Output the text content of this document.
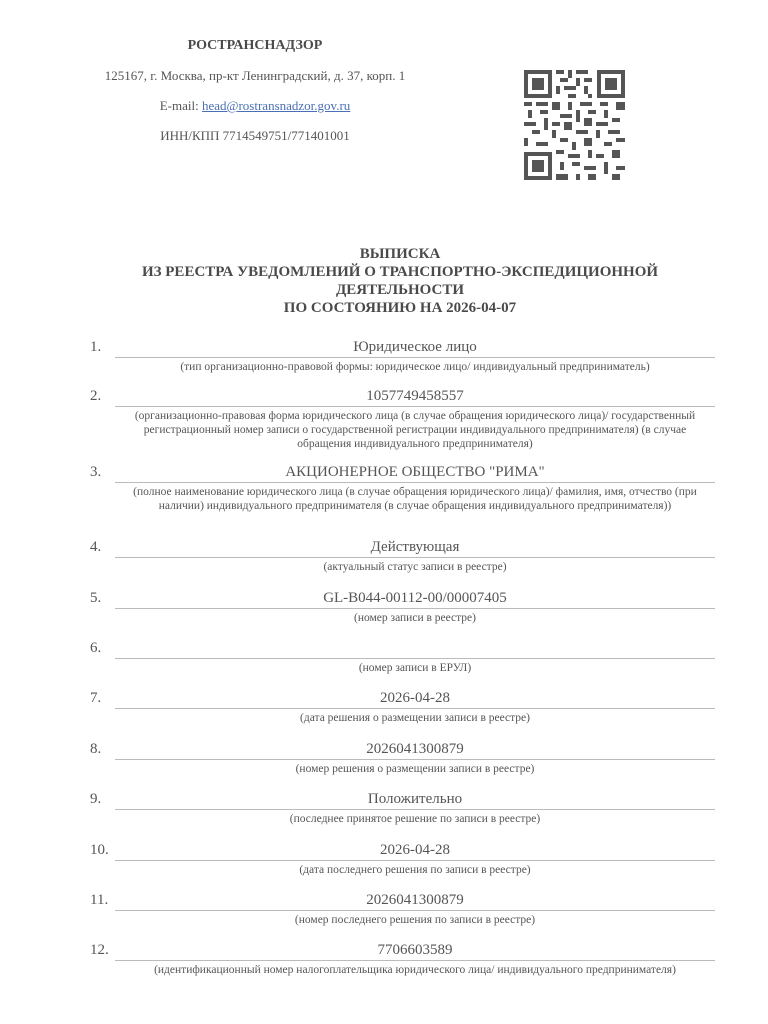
РОСТРАНСНАДЗОР
125167, г. Москва, пр-кт Ленинградский, д. 37, корп. 1
E-mail: head@rostransnadzor.gov.ru
ИНН/КПП 7714549751/771401001
ВЫПИСКА
ИЗ РЕЕСТРА УВЕДОМЛЕНИЙ О ТРАНСПОРТНО-ЭКСПЕДИЦИОННОЙ
ДЕЯТЕЛЬНОСТИ
ПО СОСТОЯНИЮ НА 2026-04-07
1.	Юридическое лицо
(тип организационно-правовой формы: юридическое лицо/ индивидуальный предприниматель)
2.	1057749458557
(организационно-правовая форма юридического лица (в случае обращения юридического лица)/ государственный регистрационный номер записи о государственной регистрации индивидуального предпринимателя) (в случае обращения индивидуального предпринимателя)
3.	АКЦИОНЕРНОЕ ОБЩЕСТВО "РИМА"
(полное наименование юридического лица (в случае обращения юридического лица)/ фамилия, имя, отчество (при наличии) индивидуального предпринимателя (в случае обращения индивидуального предпринимателя))
4.	Действующая
(актуальный статус записи в реестре)
5.	GL-B044-00112-00/00007405
(номер записи в реестре)
6.
(номер записи в ЕРУЛ)
7.	2026-04-28
(дата решения о размещении записи в реестре)
8.	2026041300879
(номер решения о размещении записи в реестре)
9.	Положительно
(последнее принятое решение по записи в реестре)
10.	2026-04-28
(дата последнего решения по записи в реестре)
11.	2026041300879
(номер последнего решения по записи в реестре)
12.	7706603589
(идентификационный номер налогоплательщика юридического лица/ индивидуального предпринимателя)
